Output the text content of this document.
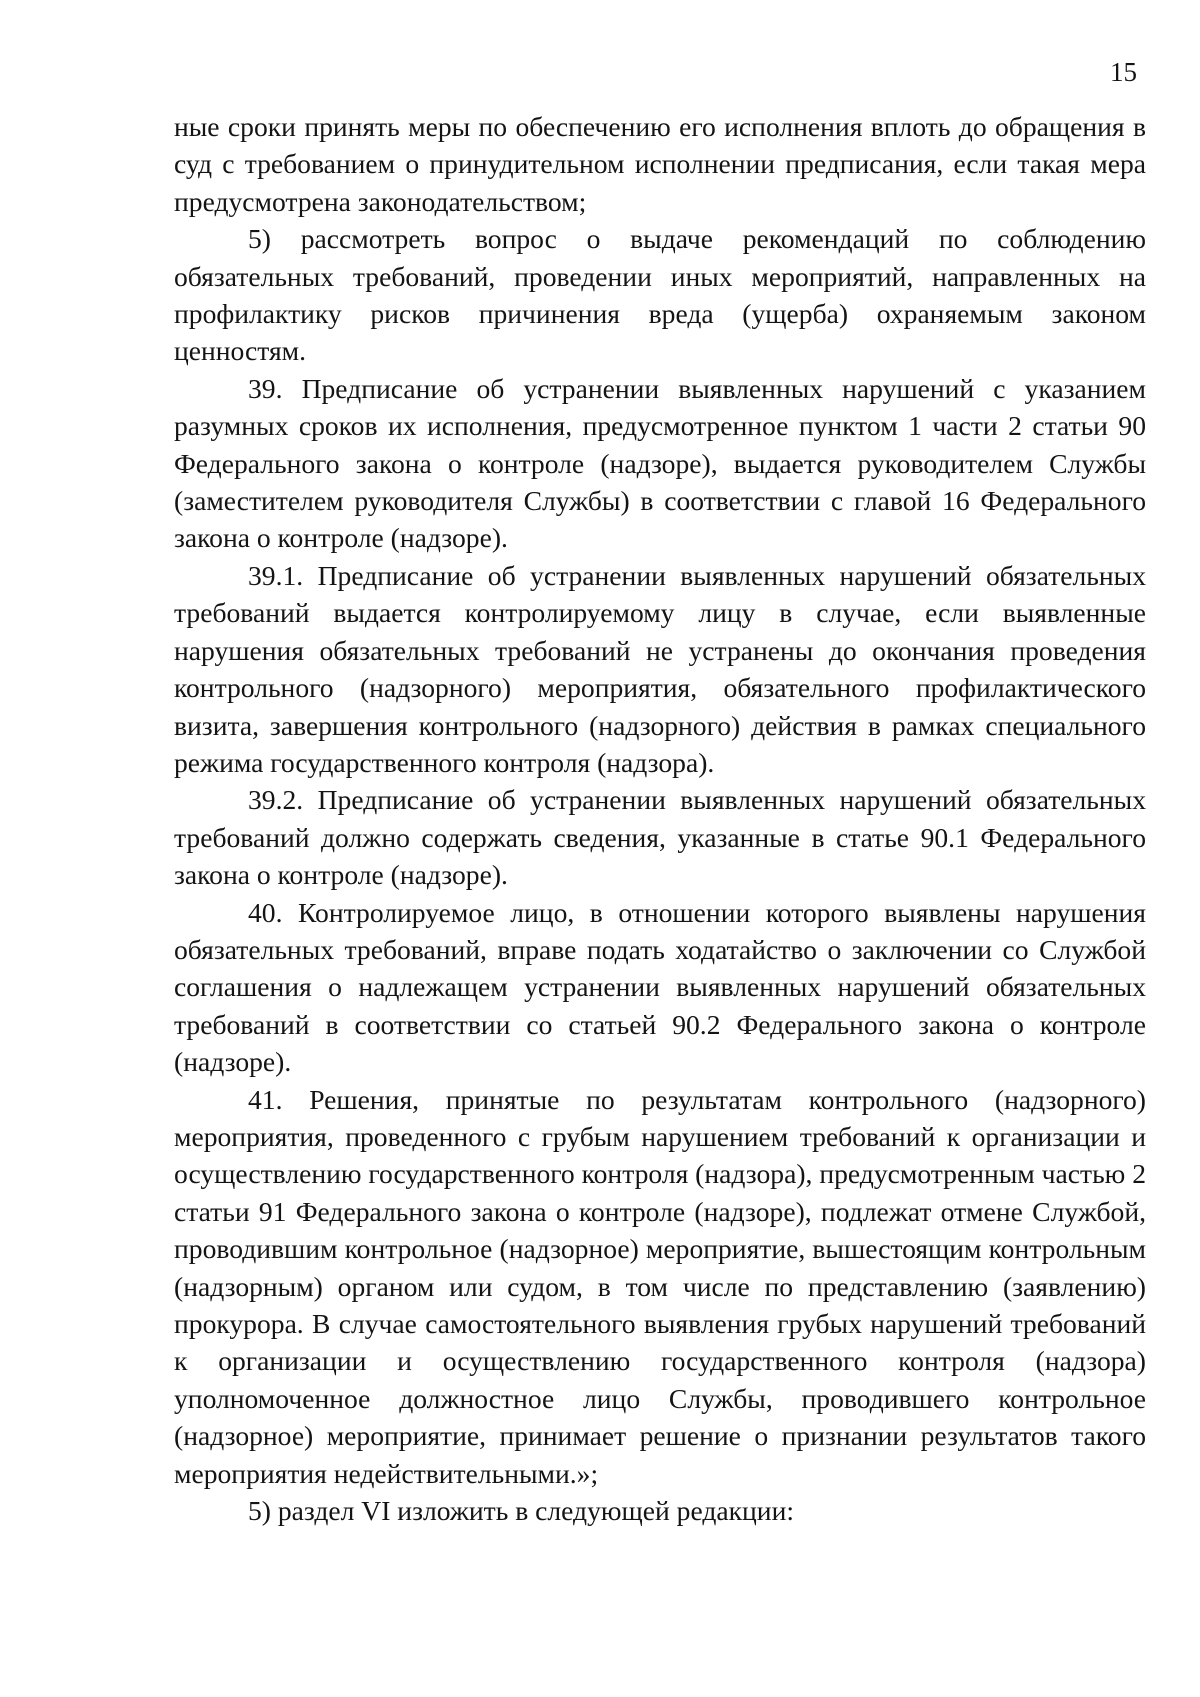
15

ные сроки принять меры по обеспечению его исполнения вплоть до обращения в суд с требованием о принудительном исполнении предписания, если такая мера предусмотрена законодательством;

5) рассмотреть вопрос о выдаче рекомендаций по соблюдению обязательных требований, проведении иных мероприятий, направленных на профилактику рисков причинения вреда (ущерба) охраняемым законом ценностям.

39. Предписание об устранении выявленных нарушений с указанием разумных сроков их исполнения, предусмотренное пунктом 1 части 2 статьи 90 Федерального закона о контроле (надзоре), выдается руководителем Службы (заместителем руководителя Службы) в соответствии с главой 16 Федерального закона о контроле (надзоре).

39.1. Предписание об устранении выявленных нарушений обязательных требований выдается контролируемому лицу в случае, если выявленные нарушения обязательных требований не устранены до окончания проведения контрольного (надзорного) мероприятия, обязательного профилактического визита, завершения контрольного (надзорного) действия в рамках специального режима государственного контроля (надзора).

39.2. Предписание об устранении выявленных нарушений обязательных требований должно содержать сведения, указанные в статье 90.1 Федерального закона о контроле (надзоре).

40. Контролируемое лицо, в отношении которого выявлены нарушения обязательных требований, вправе подать ходатайство о заключении со Службой соглашения о надлежащем устранении выявленных нарушений обязательных требований в соответствии со статьей 90.2 Федерального закона о контроле (надзоре).

41. Решения, принятые по результатам контрольного (надзорного) мероприятия, проведенного с грубым нарушением требований к организации и осуществлению государственного контроля (надзора), предусмотренным частью 2 статьи 91 Федерального закона о контроле (надзоре), подлежат отмене Службой, проводившим контрольное (надзорное) мероприятие, вышестоящим контрольным (надзорным) органом или судом, в том числе по представлению (заявлению) прокурора. В случае самостоятельного выявления грубых нарушений требований к организации и осуществлению государственного контроля (надзора) уполномоченное должностное лицо Службы, проводившего контрольное (надзорное) мероприятие, принимает решение о признании результатов такого мероприятия недействительными.»;

5) раздел VI изложить в следующей редакции:
